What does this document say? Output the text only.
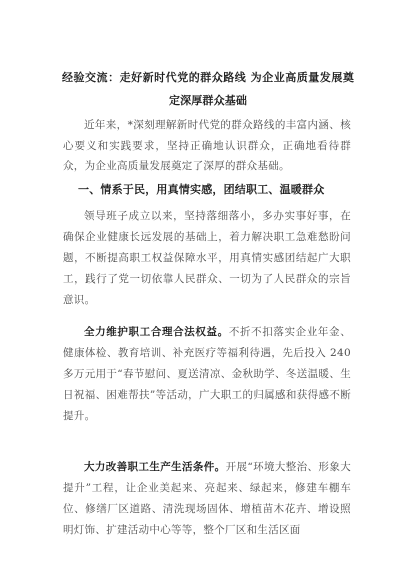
经验交流：走好新时代党的群众路线 为企业高质量发展奠定深厚群众基础

近年来，*深刻理解新时代党的群众路线的丰富内涵、核心要义和实践要求，坚持正确地认识群众，正确地看待群众，为企业高质量发展奠定了深厚的群众基础。

一、情系于民，用真情实感，团结职工、温暖群众

领导班子成立以来，坚持落细落小，多办实事好事，在确保企业健康长远发展的基础上，着力解决职工急难愁盼问题，不断提高职工权益保障水平，用真情实感团结起广大职工，践行了党一切依靠人民群众、一切为了人民群众的宗旨意识。

全力维护职工合理合法权益。不折不扣落实企业年金、健康体检、教育培训、补充医疗等福利待遇，先后投入 240 多万元用于“春节慰问、夏送清凉、金秋助学、冬送温暖、生日祝福、困难帮扶”等活动，广大职工的归属感和获得感不断提升。

大力改善职工生产生活条件。开展“环境大整治、形象大提升”工程，让企业美起来、亮起来、绿起来，修建车棚车位、修缮厂区道路、清洗现场固体、增植苗木花卉、增设照明灯饰、扩建活动中心等等，整个厂区和生活区面
